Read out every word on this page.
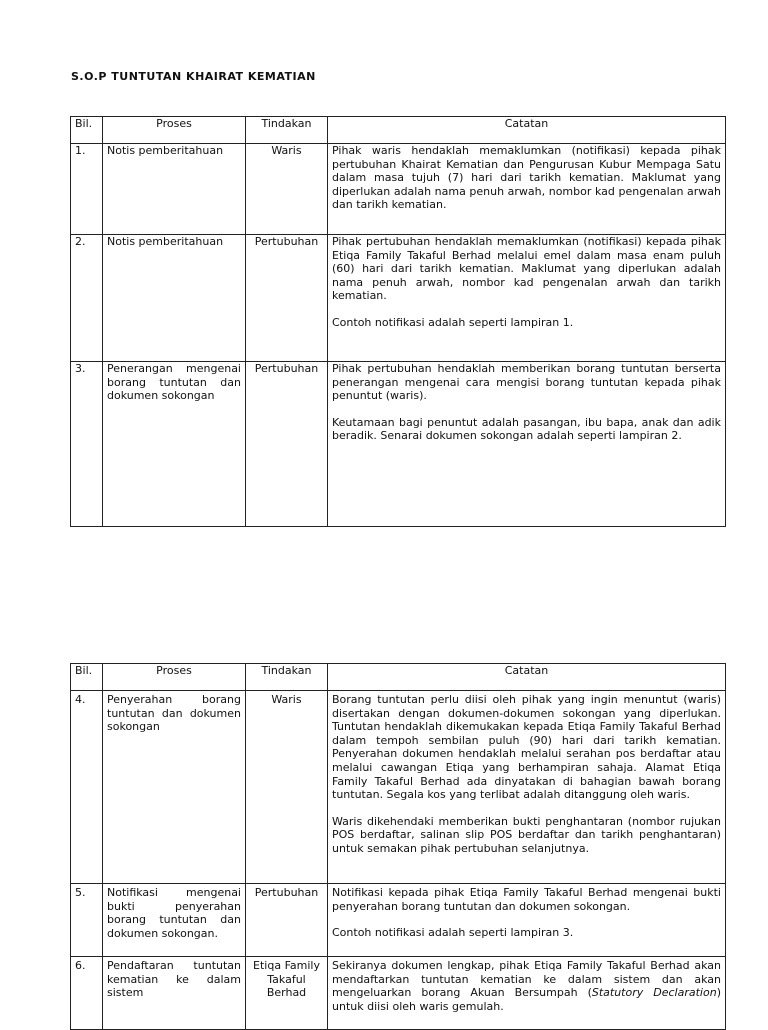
S.O.P TUNTUTAN KHAIRAT KEMATIAN
Bil.	Proses	Tindakan	Catatan
1.	Notis pemberitahuan	Waris	Pihak waris hendaklah memaklumkan (notifikasi) kepada pihak pertubuhan Khairat Kematian dan Pengurusan Kubur Mempaga Satu dalam masa tujuh (7) hari dari tarikh kematian. Maklumat yang diperlukan adalah nama penuh arwah, nombor kad pengenalan arwah dan tarikh kematian.

2.	Notis pemberitahuan	Pertubuhan	Pihak pertubuhan hendaklah memaklumkan (notifikasi) kepada pihak Etiqa Family Takaful Berhad melalui emel dalam masa enam puluh (60) hari dari tarikh kematian. Maklumat yang diperlukan adalah nama penuh arwah, nombor kad pengenalan arwah dan tarikh kematian.

Contoh notifikasi adalah seperti lampiran 1.

3.	Penerangan mengenai borang tuntutan dan dokumen sokongan	Pertubuhan	Pihak pertubuhan hendaklah memberikan borang tuntutan berserta penerangan mengenai cara mengisi borang tuntutan kepada pihak penuntut (waris).

Keutamaan bagi penuntut adalah pasangan, ibu bapa, anak dan adik beradik. Senarai dokumen sokongan adalah seperti lampiran 2.

Bil.	Proses	Tindakan	Catatan
4.	Penyerahan borang tuntutan dan dokumen sokongan	Waris	Borang tuntutan perlu diisi oleh pihak yang ingin menuntut (waris) disertakan dengan dokumen-dokumen sokongan yang diperlukan. Tuntutan hendaklah dikemukakan kepada Etiqa Family Takaful Berhad dalam tempoh sembilan puluh (90) hari dari tarikh kematian. Penyerahan dokumen hendaklah melalui serahan pos berdaftar atau melalui cawangan Etiqa yang berhampiran sahaja. Alamat Etiqa Family Takaful Berhad ada dinyatakan di bahagian bawah borang tuntutan. Segala kos yang terlibat adalah ditanggung oleh waris.

Waris dikehendaki memberikan bukti penghantaran (nombor rujukan POS berdaftar, salinan slip POS berdaftar dan tarikh penghantaran) untuk semakan pihak pertubuhan selanjutnya.

5.	Notifikasi mengenai bukti penyerahan borang tuntutan dan dokumen sokongan.	Pertubuhan	Notifikasi kepada pihak Etiqa Family Takaful Berhad mengenai bukti penyerahan borang tuntutan dan dokumen sokongan.

Contoh notifikasi adalah seperti lampiran 3.

6.	Pendaftaran tuntutan kematian ke dalam sistem	Etiqa Family Takaful Berhad	Sekiranya dokumen lengkap, pihak Etiqa Family Takaful Berhad akan mendaftarkan tuntutan kematian ke dalam sistem dan akan mengeluarkan borang Akuan Bersumpah (Statutory Declaration) untuk diisi oleh waris gemulah.
